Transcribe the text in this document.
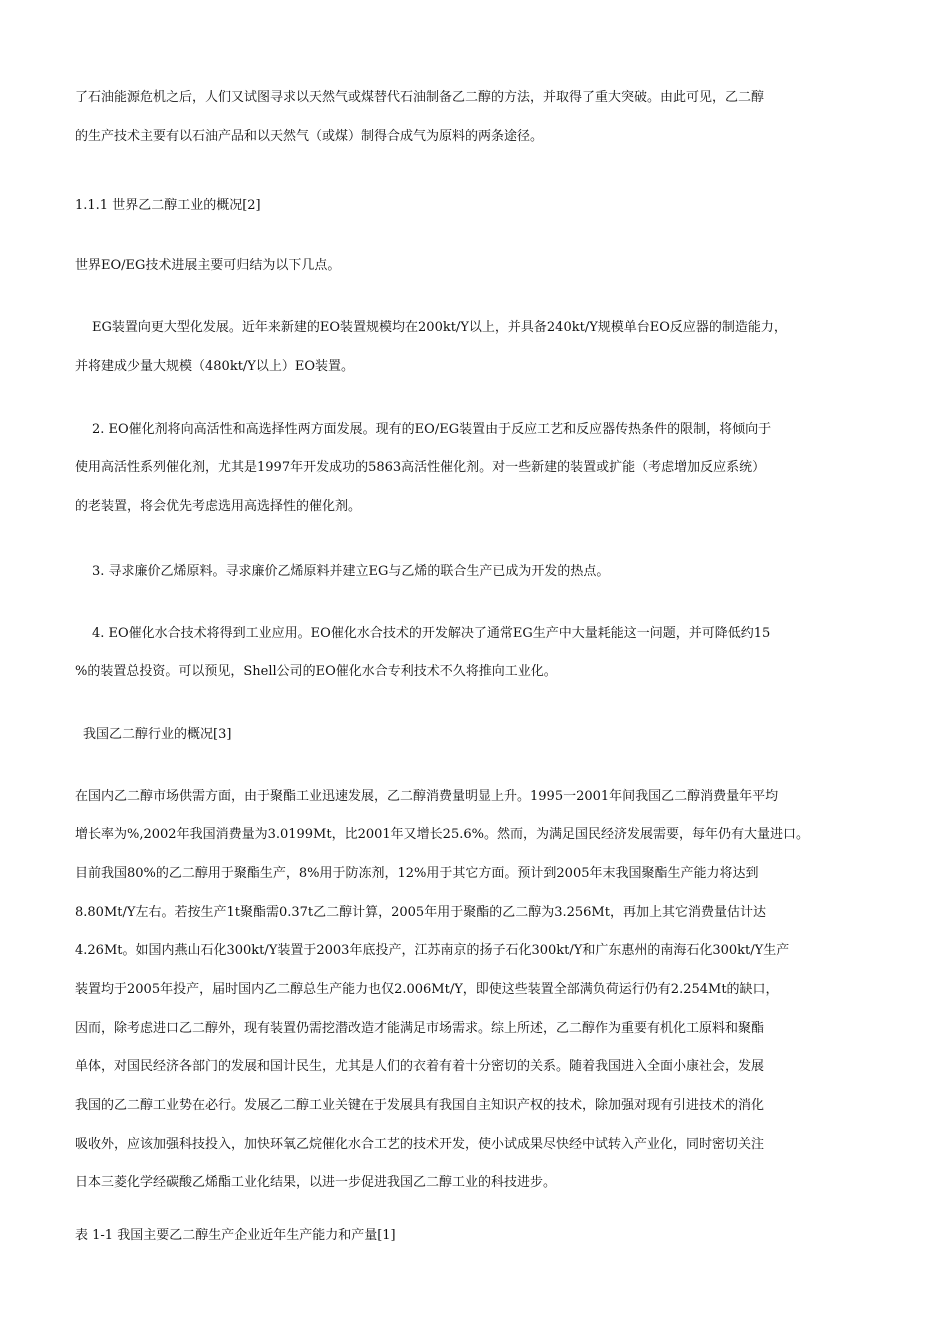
了石油能源危机之后，人们又试图寻求以天然气或煤替代石油制备乙二醇的方法，并取得了重大突破。由此可见，乙二醇
的生产技术主要有以石油产品和以天然气（或煤）制得合成气为原料的两条途径。
1.1.1 世界乙二醇工业的概况[2]
世界EO/EG技术进展主要可归结为以下几点。
EG装置向更大型化发展。近年来新建的EO装置规模均在200kt/Y以上，并具备240kt/Y规模单台EO反应器的制造能力，
并将建成少量大规模（480kt/Y以上）EO装置。
2. EO催化剂将向高活性和高选择性两方面发展。现有的EO/EG装置由于反应工艺和反应器传热条件的限制，将倾向于
使用高活性系列催化剂，尤其是1997年开发成功的5863高活性催化剂。对一些新建的装置或扩能（考虑增加反应系统）
的老装置，将会优先考虑选用高选择性的催化剂。
3. 寻求廉价乙烯原料。寻求廉价乙烯原料并建立EG与乙烯的联合生产已成为开发的热点。
4. EO催化水合技术将得到工业应用。EO催化水合技术的开发解决了通常EG生产中大量耗能这一问题，并可降低约15
%的装置总投资。可以预见，Shell公司的EO催化水合专利技术不久将推向工业化。
我国乙二醇行业的概况[3]
在国内乙二醇市场供需方面，由于聚酯工业迅速发展，乙二醇消费量明显上升。1995一2001年间我国乙二醇消费量年平均
增长率为%,2002年我国消费量为3.0199Mt，比2001年又增长25.6%。然而，为满足国民经济发展需要，每年仍有大量进口。
目前我国80%的乙二醇用于聚酯生产，8%用于防冻剂，12%用于其它方面。预计到2005年末我国聚酯生产能力将达到
8.80Mt/Y左右。若按生产1t聚酯需0.37t乙二醇计算，2005年用于聚酯的乙二醇为3.256Mt，再加上其它消费量估计达
4.26Mt。如国内燕山石化300kt/Y装置于2003年底投产，江苏南京的扬子石化300kt/Y和广东惠州的南海石化300kt/Y生产
装置均于2005年投产，届时国内乙二醇总生产能力也仅2.006Mt/Y，即使这些装置全部满负荷运行仍有2.254Mt的缺口，
因而，除考虑进口乙二醇外，现有装置仍需挖潜改造才能满足市场需求。综上所述，乙二醇作为重要有机化工原料和聚酯
单体，对国民经济各部门的发展和国计民生，尤其是人们的衣着有着十分密切的关系。随着我国进入全面小康社会，发展
我国的乙二醇工业势在必行。发展乙二醇工业关键在于发展具有我国自主知识产权的技术，除加强对现有引进技术的消化
吸收外，应该加强科技投入，加快环氧乙烷催化水合工艺的技术开发，使小试成果尽快经中试转入产业化，同时密切关注
日本三菱化学经碳酸乙烯酯工业化结果，以进一步促进我国乙二醇工业的科技进步。
表 1-1 我国主要乙二醇生产企业近年生产能力和产量[1]
